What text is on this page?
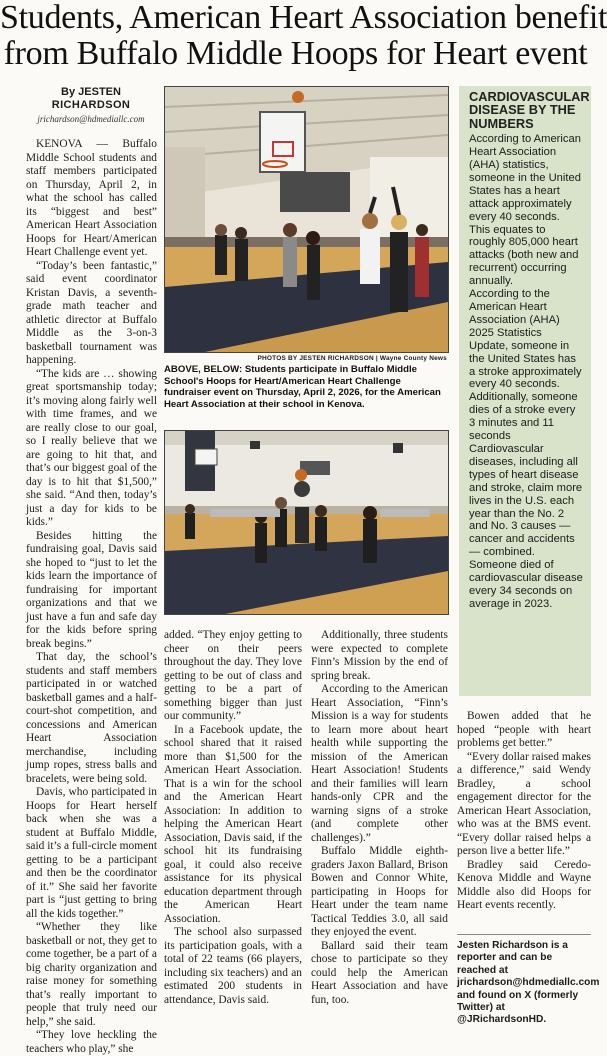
Students, American Heart Association benefit
from Buffalo Middle Hoops for Heart event
By JESTEN
RICHARDSON
jrichardson@hdmediallc.com

KENOVA — Buffalo Middle School students and staff members participated on Thursday, April 2, in what the school has called its “biggest and best” American Heart Association Hoops for Heart/American Heart Challenge event yet.

“Today’s been fantastic,” said event coordinator Kristan Davis, a seventh-grade math teacher and athletic director at Buffalo Middle as the 3-on-3 basketball tournament was happening.

“The kids are … showing great sportsmanship today; it’s moving along fairly well with time frames, and we are really close to our goal, so I really believe that we are going to hit that, and that’s our biggest goal of the day is to hit that $1,500,” she said. “And then, today’s just a day for kids to be kids.”

Besides hitting the fundraising goal, Davis said she hoped to “just to let the kids learn the importance of fundraising for important organizations and that we just have a fun and safe day for the kids before spring break begins.”

That day, the school’s students and staff members participated in or watched basketball games and a half-court-shot competition, and concessions and American Heart Association merchandise, including jump ropes, stress balls and bracelets, were being sold.

Davis, who participated in Hoops for Heart herself back when she was a student at Buffalo Middle, said it’s a full-circle moment getting to be a participant and then be the coordinator of it.” She said her favorite part is “just getting to bring all the kids together.”

“Whether they like basketball or not, they get to come together, be a part of a big charity organization and raise money for something that’s really important to people that truly need our help,” she said.

“They love heckling the teachers who play,” she

PHOTOS BY JESTEN RICHARDSON | Wayne County News
ABOVE, BELOW: Students participate in Buffalo Middle School's Hoops for Heart/American Heart Challenge fundraiser event on Thursday, April 2, 2026, for the American Heart Association at their school in Kenova.

added. “They enjoy getting to cheer on their peers throughout the day. They love getting to be out of class and getting to be a part of something bigger than just our community.”

In a Facebook update, the school shared that it raised more than $1,500 for the American Heart Association. That is a win for the school and the American Heart Association: In addition to helping the American Heart Association, Davis said, if the school hit its fundraising goal, it could also receive assistance for its physical education department through the American Heart Association.

The school also surpassed its participation goals, with a total of 22 teams (66 players, including six teachers) and an estimated 200 students in attendance, Davis said.

Additionally, three students were expected to complete Finn’s Mission by the end of spring break.

According to the American Heart Association, “Finn’s Mission is a way for students to learn more about heart health while supporting the mission of the American Heart Association! Students and their families will learn hands-only CPR and the warning signs of a stroke (and complete other challenges).”

Buffalo Middle eighth-graders Jaxon Ballard, Brison Bowen and Connor White, participating in Hoops for Heart under the team name Tactical Teddies 3.0, all said they enjoyed the event.

Ballard said their team chose to participate so they could help the American Heart Association and have fun, too.

CARDIOVASCULAR DISEASE BY THE NUMBERS

According to American Heart Association (AHA) statistics, someone in the United States has a heart attack approximately every 40 seconds. This equates to roughly 805,000 heart attacks (both new and recurrent) occurring annually.

According to the American Heart Association (AHA) 2025 Statistics Update, someone in the United States has a stroke approximately every 40 seconds. Additionally, someone dies of a stroke every 3 minutes and 11 seconds

Cardiovascular diseases, including all types of heart disease and stroke, claim more lives in the U.S. each year than the No. 2 and No. 3 causes — cancer and accidents — combined. Someone died of cardiovascular disease every 34 seconds on average in 2023.

Bowen added that he hoped “people with heart problems get better.”

“Every dollar raised makes a difference,” said Wendy Bradley, a school engagement director for the American Heart Association, who was at the BMS event. “Every dollar raised helps a person live a better life.”

Bradley said Ceredo-Kenova Middle and Wayne Middle also did Hoops for Heart events recently.

Jesten Richardson is a reporter and can be reached at jrichardson@hdmediallc.com and found on X (formerly Twitter) at @JRichardsonHD.
